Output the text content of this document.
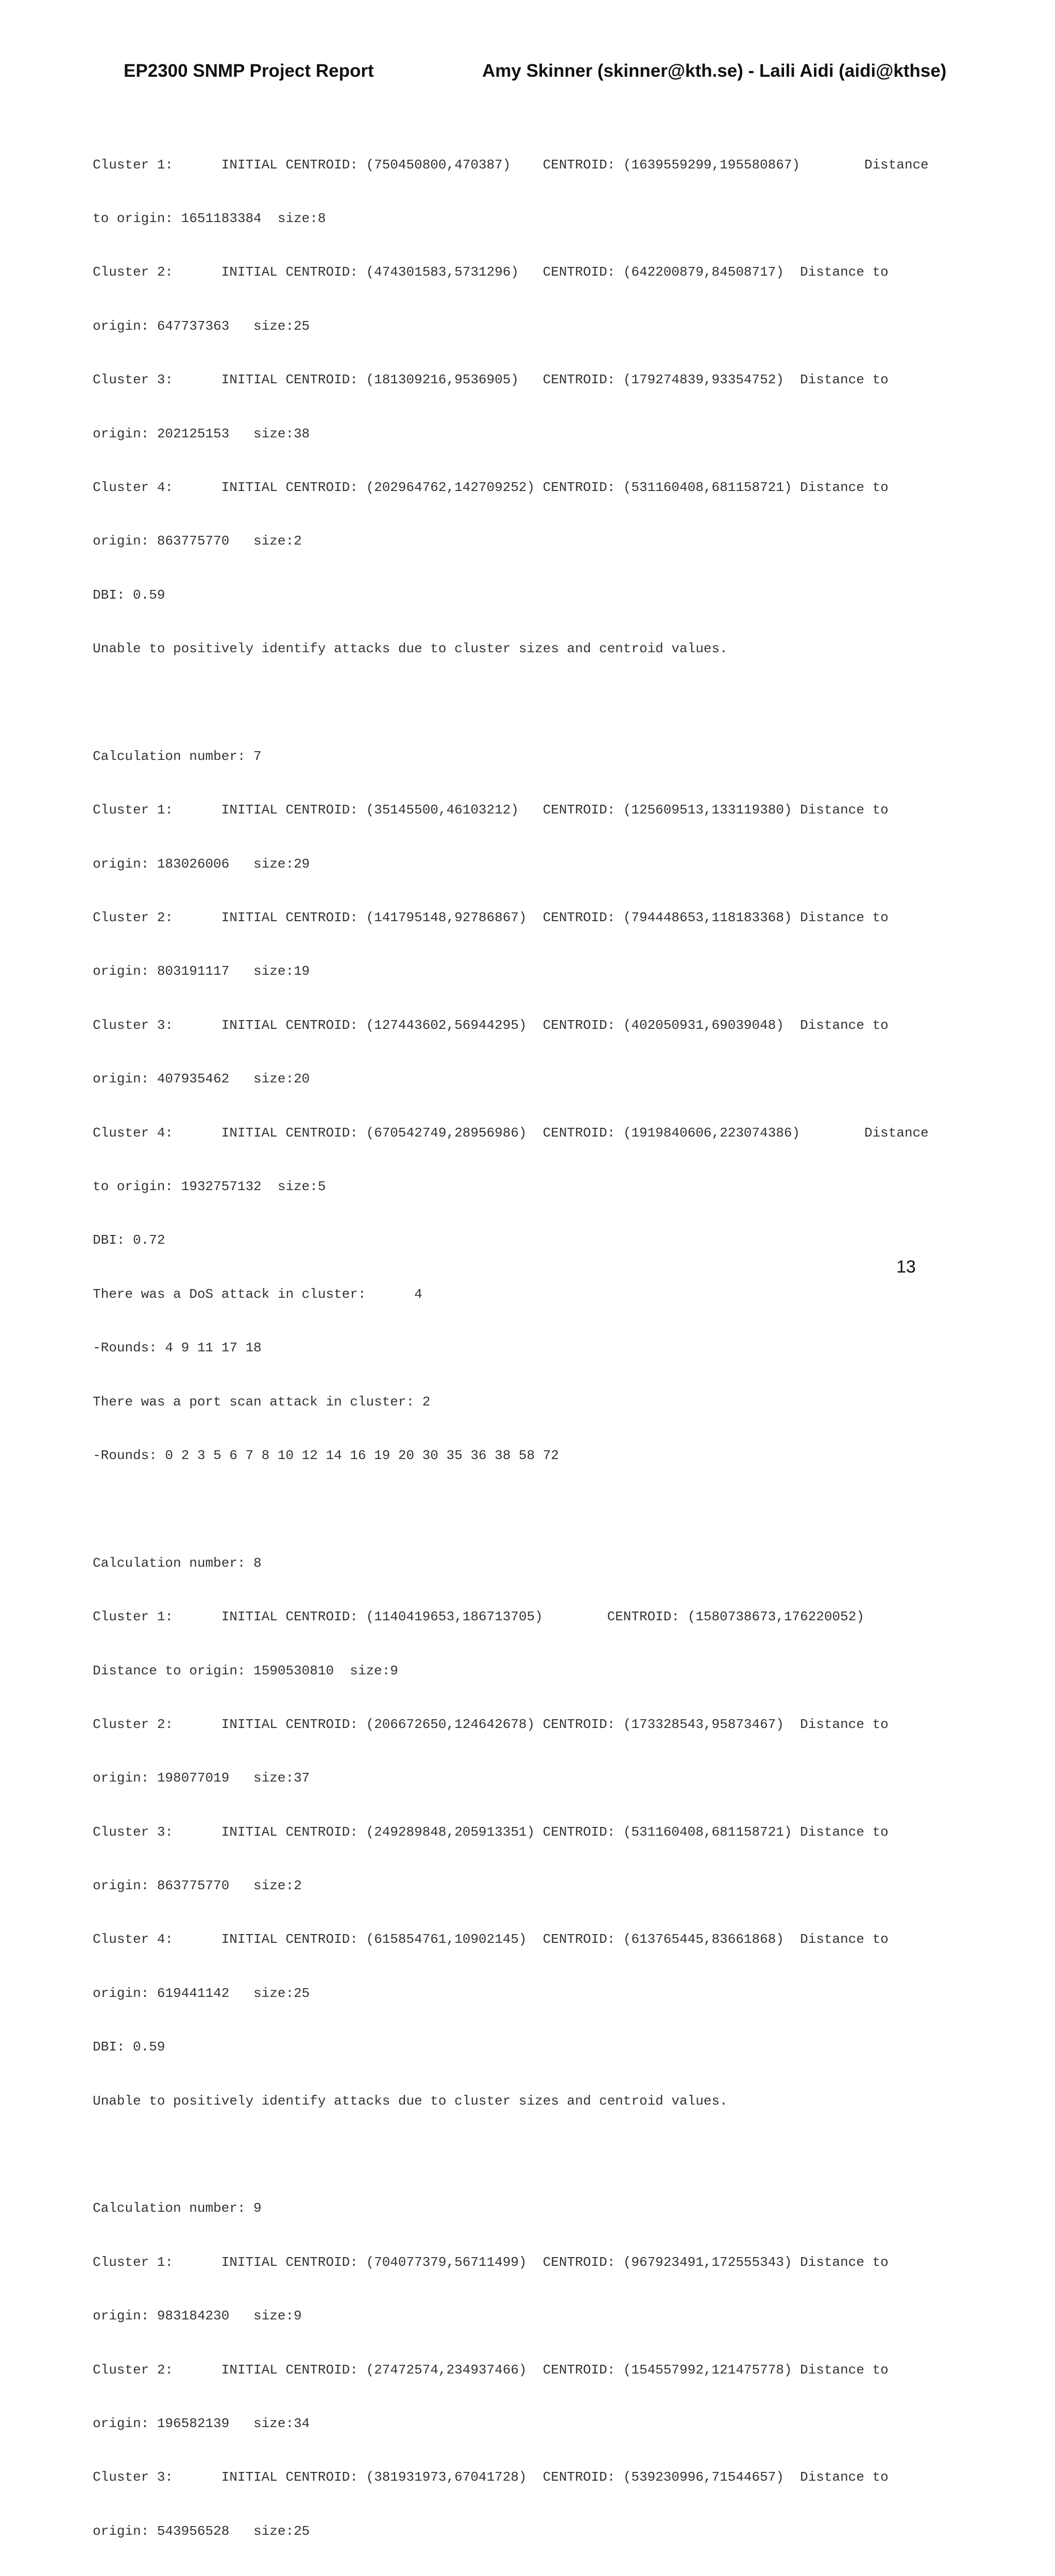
EP2300 SNMP Project Report	Amy Skinner (skinner@kth.se) - Laili Aidi (aidi@kthse)

Cluster 1:      INITIAL CENTROID: (750450800,470387)    CENTROID: (1639559299,195580867)        Distance

to origin: 1651183384  size:8

Cluster 2:      INITIAL CENTROID: (474301583,5731296)   CENTROID: (642200879,84508717)  Distance to

origin: 647737363   size:25

Cluster 3:      INITIAL CENTROID: (181309216,9536905)   CENTROID: (179274839,93354752)  Distance to

origin: 202125153   size:38

Cluster 4:      INITIAL CENTROID: (202964762,142709252) CENTROID: (531160408,681158721) Distance to

origin: 863775770   size:2

DBI: 0.59

Unable to positively identify attacks due to cluster sizes and centroid values.

Calculation number: 7

Cluster 1:      INITIAL CENTROID: (35145500,46103212)   CENTROID: (125609513,133119380) Distance to

origin: 183026006   size:29

Cluster 2:      INITIAL CENTROID: (141795148,92786867)  CENTROID: (794448653,118183368) Distance to

origin: 803191117   size:19

Cluster 3:      INITIAL CENTROID: (127443602,56944295)  CENTROID: (402050931,69039048)  Distance to

origin: 407935462   size:20

Cluster 4:      INITIAL CENTROID: (670542749,28956986)  CENTROID: (1919840606,223074386)        Distance

to origin: 1932757132  size:5

DBI: 0.72

There was a DoS attack in cluster:      4

-Rounds: 4 9 11 17 18

There was a port scan attack in cluster: 2

-Rounds: 0 2 3 5 6 7 8 10 12 14 16 19 20 30 35 36 38 58 72

Calculation number: 8

Cluster 1:      INITIAL CENTROID: (1140419653,186713705)        CENTROID: (1580738673,176220052)

Distance to origin: 1590530810  size:9

Cluster 2:      INITIAL CENTROID: (206672650,124642678) CENTROID: (173328543,95873467)  Distance to

origin: 198077019   size:37

Cluster 3:      INITIAL CENTROID: (249289848,205913351) CENTROID: (531160408,681158721) Distance to

origin: 863775770   size:2

Cluster 4:      INITIAL CENTROID: (615854761,10902145)  CENTROID: (613765445,83661868)  Distance to

origin: 619441142   size:25

DBI: 0.59

Unable to positively identify attacks due to cluster sizes and centroid values.

Calculation number: 9

Cluster 1:      INITIAL CENTROID: (704077379,56711499)  CENTROID: (967923491,172555343) Distance to

origin: 983184230   size:9

Cluster 2:      INITIAL CENTROID: (27472574,234937466)  CENTROID: (154557992,121475778) Distance to

origin: 196582139   size:34

Cluster 3:      INITIAL CENTROID: (381931973,67041728)  CENTROID: (539230996,71544657)  Distance to

origin: 543956528   size:25

13
